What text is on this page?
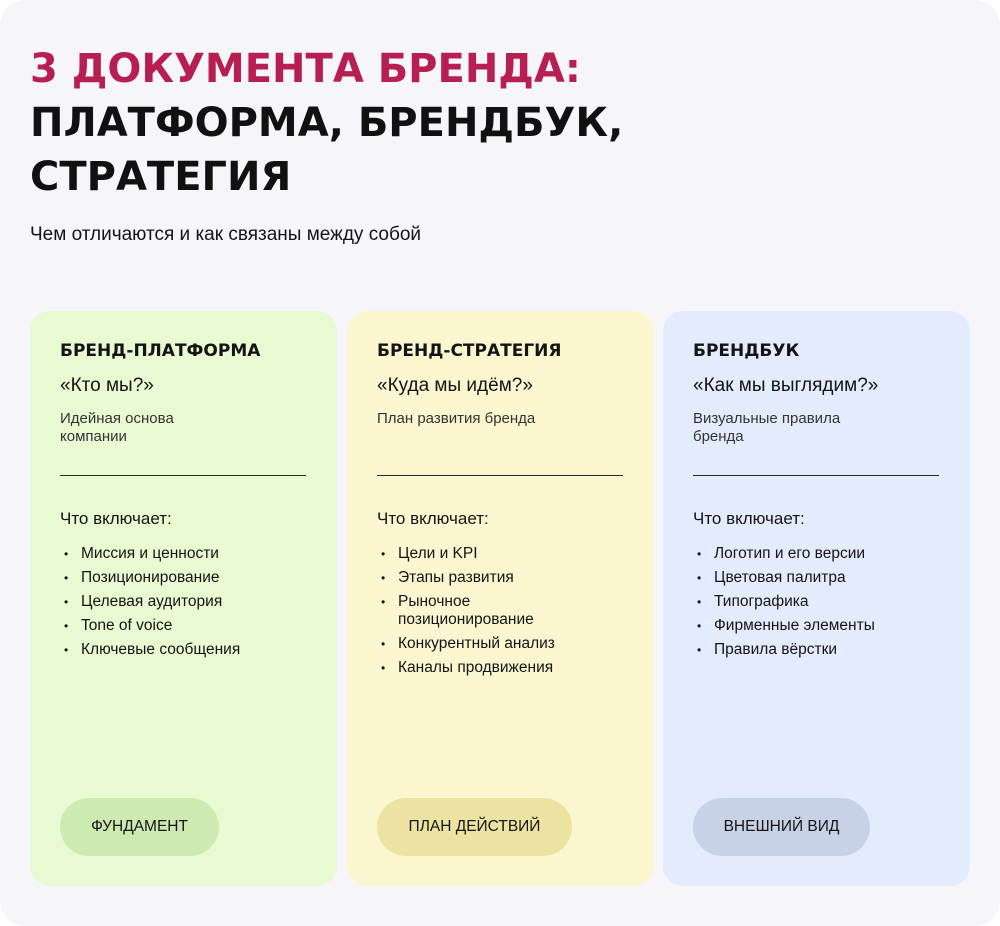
3 ДОКУМЕНТА БРЕНДА:
ПЛАТФОРМА, БРЕНДБУК,
СТРАТЕГИЯ
Чем отличаются и как связаны между собой
БРЕНД-ПЛАТФОРМА
«Кто мы?»
Идейная основа компании
Что включает:
• Миссия и ценности
• Позиционирование
• Целевая аудитория
• Tone of voice
• Ключевые сообщения
ФУНДАМЕНТ
БРЕНД-СТРАТЕГИЯ
«Куда мы идём?»
План развития бренда
Что включает:
• Цели и KPI
• Этапы развития
• Рыночное позиционирование
• Конкурентный анализ
• Каналы продвижения
ПЛАН ДЕЙСТВИЙ
БРЕНДБУК
«Как мы выглядим?»
Визуальные правила бренда
Что включает:
• Логотип и его версии
• Цветовая палитра
• Типографика
• Фирменные элементы
• Правила вёрстки
ВНЕШНИЙ ВИД
